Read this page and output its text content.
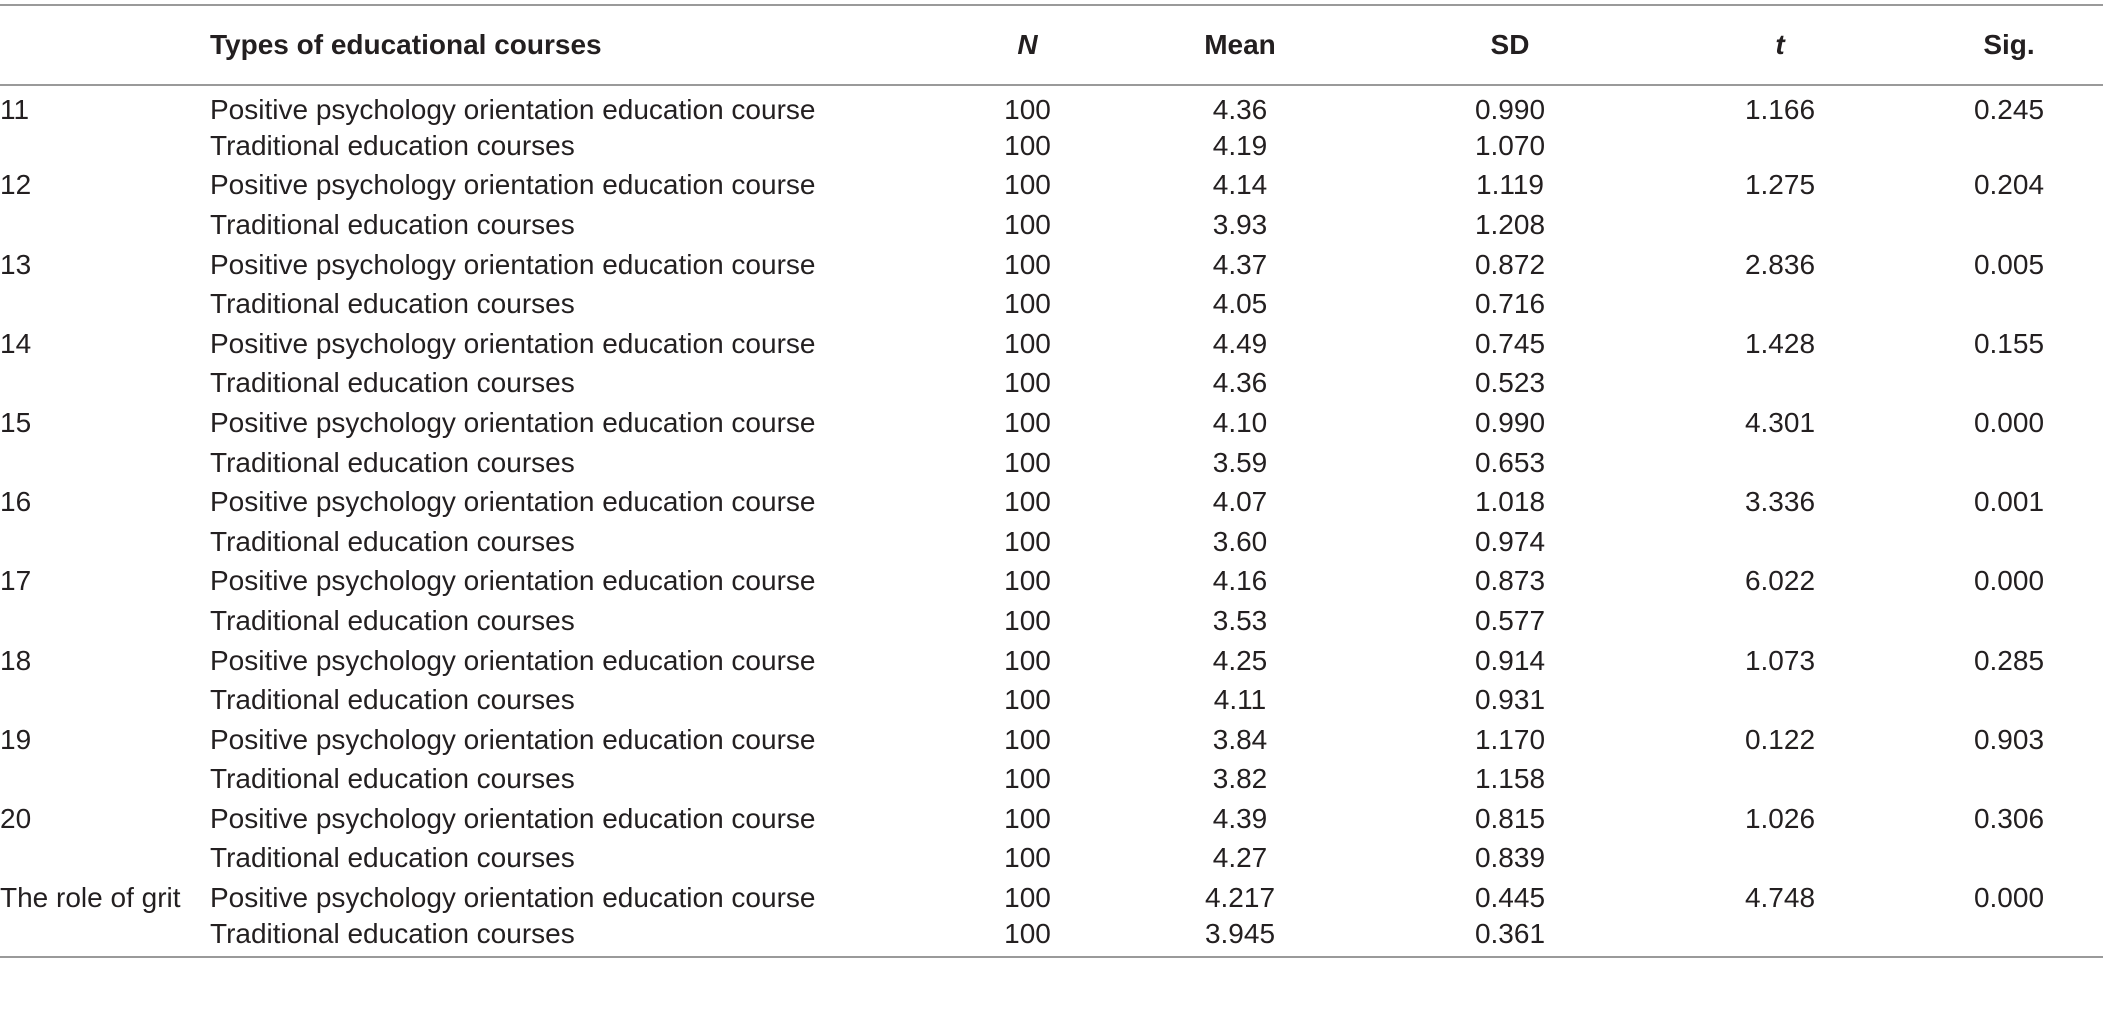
	Types of educational courses	N	Mean	SD	t	Sig.
11	Positive psychology orientation education course	100	4.36	0.990	1.166	0.245
	Traditional education courses	100	4.19	1.070		
12	Positive psychology orientation education course	100	4.14	1.119	1.275	0.204
	Traditional education courses	100	3.93	1.208		
13	Positive psychology orientation education course	100	4.37	0.872	2.836	0.005
	Traditional education courses	100	4.05	0.716		
14	Positive psychology orientation education course	100	4.49	0.745	1.428	0.155
	Traditional education courses	100	4.36	0.523		
15	Positive psychology orientation education course	100	4.10	0.990	4.301	0.000
	Traditional education courses	100	3.59	0.653		
16	Positive psychology orientation education course	100	4.07	1.018	3.336	0.001
	Traditional education courses	100	3.60	0.974		
17	Positive psychology orientation education course	100	4.16	0.873	6.022	0.000
	Traditional education courses	100	3.53	0.577		
18	Positive psychology orientation education course	100	4.25	0.914	1.073	0.285
	Traditional education courses	100	4.11	0.931		
19	Positive psychology orientation education course	100	3.84	1.170	0.122	0.903
	Traditional education courses	100	3.82	1.158		
20	Positive psychology orientation education course	100	4.39	0.815	1.026	0.306
	Traditional education courses	100	4.27	0.839		
The role of grit	Positive psychology orientation education course	100	4.217	0.445	4.748	0.000
	Traditional education courses	100	3.945	0.361		
